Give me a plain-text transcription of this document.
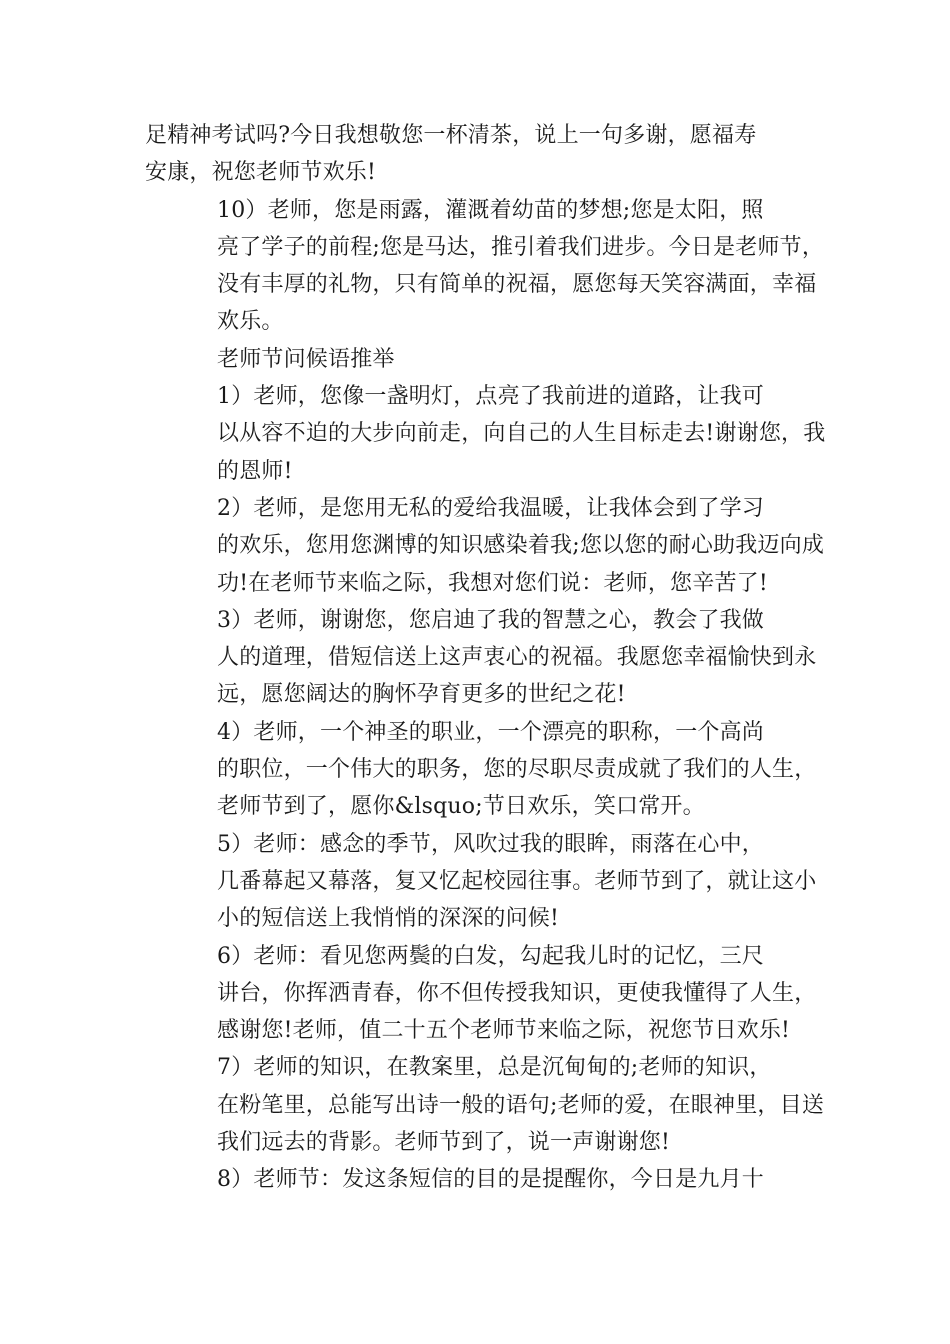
足精神考试吗?今日我想敬您一杯清茶，说上一句多谢，愿福寿
安康，祝您老师节欢乐!

10）老师，您是雨露，灌溉着幼苗的梦想;您是太阳，照
亮了学子的前程;您是马达，推引着我们进步。今日是老师节，
没有丰厚的礼物，只有简单的祝福，愿您每天笑容满面，幸福
欢乐。

老师节问候语推举

1）老师，您像一盏明灯，点亮了我前进的道路，让我可
以从容不迫的大步向前走，向自己的人生目标走去!谢谢您，我
的恩师!

2）老师，是您用无私的爱给我温暖，让我体会到了学习
的欢乐，您用您渊博的知识感染着我;您以您的耐心助我迈向成
功!在老师节来临之际，我想对您们说：老师，您辛苦了!

3）老师，谢谢您，您启迪了我的智慧之心，教会了我做
人的道理，借短信送上这声衷心的祝福。我愿您幸福愉快到永
远，愿您阔达的胸怀孕育更多的世纪之花!

4）老师，一个神圣的职业，一个漂亮的职称，一个高尚
的职位，一个伟大的职务，您的尽职尽责成就了我们的人生，
老师节到了，愿你&lsquo;节日欢乐，笑口常开。

5）老师：感念的季节，风吹过我的眼眸，雨落在心中，
几番幕起又幕落，复又忆起校园往事。老师节到了，就让这小
小的短信送上我悄悄的深深的问候!

6）老师：看见您两鬓的白发，勾起我儿时的记忆，三尺
讲台，你挥洒青春，你不但传授我知识，更使我懂得了人生，
感谢您!老师，值二十五个老师节来临之际，祝您节日欢乐!

7）老师的知识，在教案里，总是沉甸甸的;老师的知识，
在粉笔里，总能写出诗一般的语句;老师的爱，在眼神里，目送
我们远去的背影。老师节到了，说一声谢谢您!

8）老师节：发这条短信的目的是提醒你，今日是九月十
